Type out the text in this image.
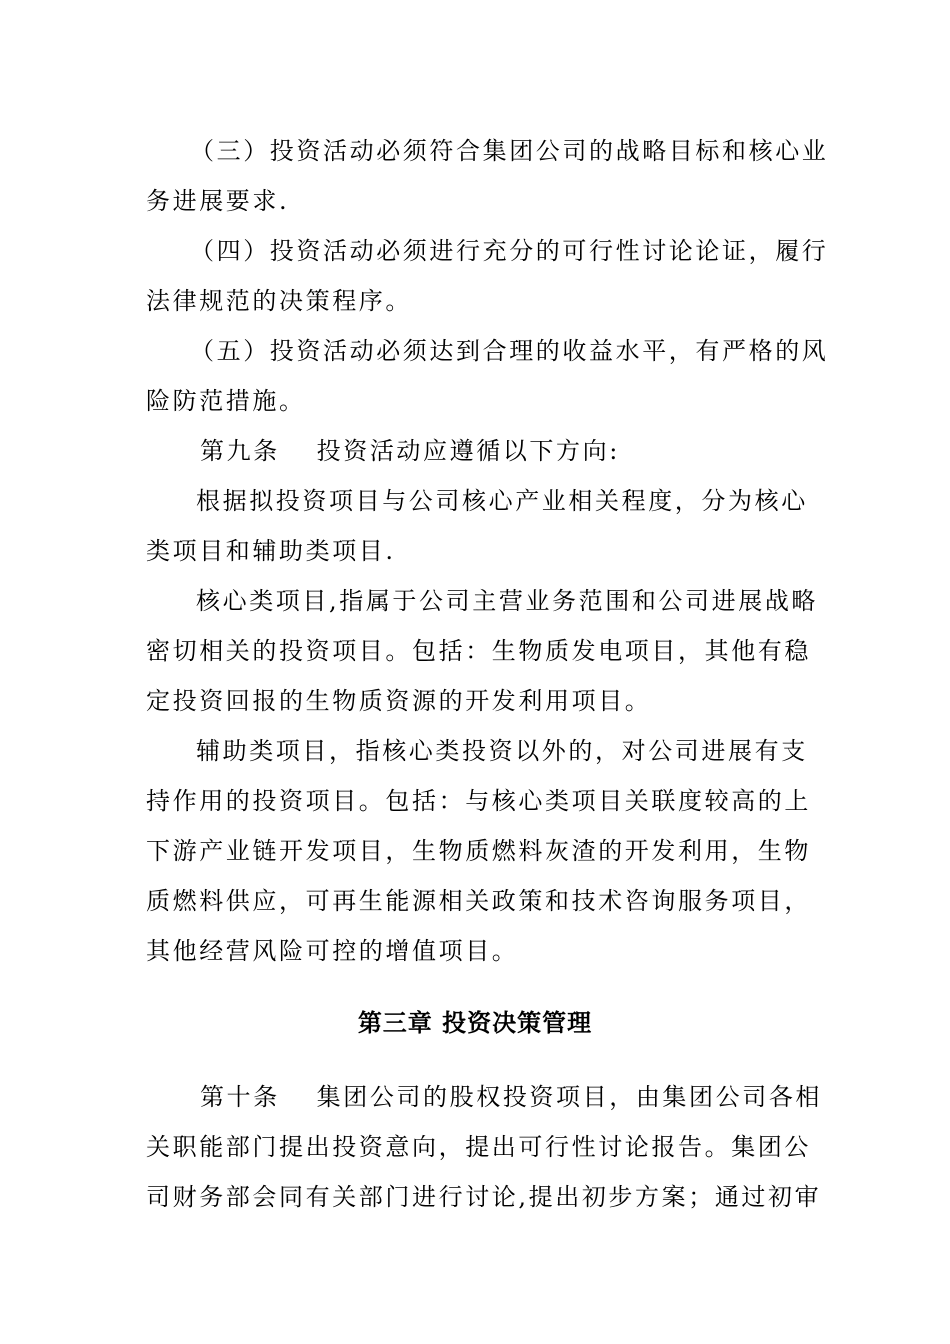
（三）投资活动必须符合集团公司的战略目标和核心业
务进展要求.
（四）投资活动必须进行充分的可行性讨论论证，履行
法律规范的决策程序。
（五）投资活动必须达到合理的收益水平，有严格的风
险防范措施。
第九条　 投资活动应遵循以下方向:
根据拟投资项目与公司核心产业相关程度，分为核心
类项目和辅助类项目.
核心类项目,指属于公司主营业务范围和公司进展战略
密切相关的投资项目。包括：生物质发电项目，其他有稳
定投资回报的生物质资源的开发利用项目。
辅助类项目，指核心类投资以外的，对公司进展有支
持作用的投资项目。包括：与核心类项目关联度较高的上
下游产业链开发项目，生物质燃料灰渣的开发利用，生物
质燃料供应，可再生能源相关政策和技术咨询服务项目，
其他经营风险可控的增值项目。
第三章 投资决策管理
第十条　 集团公司的股权投资项目，由集团公司各相
关职能部门提出投资意向，提出可行性讨论报告。集团公
司财务部会同有关部门进行讨论,提出初步方案；通过初审
